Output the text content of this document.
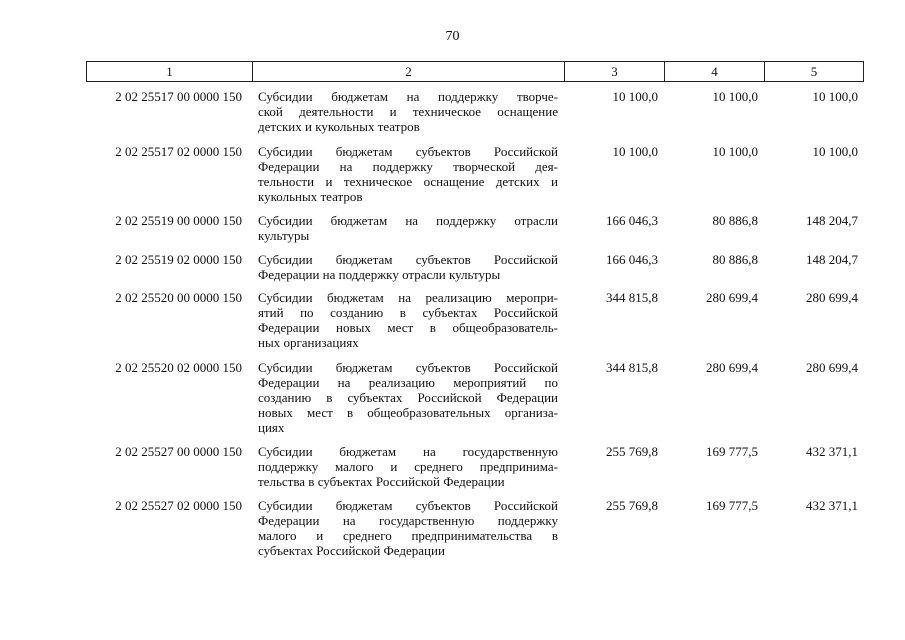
70
1	2	3	4	5
2 02 25517 00 0000 150	Субсидии бюджетам на поддержку творче-
ской деятельности и техническое оснащение
детских и кукольных театров
10 100,0	10 100,0	10 100,0
2 02 25517 02 0000 150	Субсидии бюджетам субъектов Российской
Федерации на поддержку творческой дея-
тельности и техническое оснащение детских и
кукольных театров
10 100,0	10 100,0	10 100,0
2 02 25519 00 0000 150	Субсидии бюджетам на поддержку отрасли
культуры
166 046,3	80 886,8	148 204,7
2 02 25519 02 0000 150	Субсидии бюджетам субъектов Российской
Федерации на поддержку отрасли культуры
166 046,3	80 886,8	148 204,7
2 02 25520 00 0000 150	Субсидии бюджетам на реализацию меропри-
ятий по созданию в субъектах Российской
Федерации новых мест в общеобразователь-
ных организациях
344 815,8	280 699,4	280 699,4
2 02 25520 02 0000 150	Субсидии бюджетам субъектов Российской
Федерации на реализацию мероприятий по
созданию в субъектах Российской Федерации
новых мест в общеобразовательных организа-
циях
344 815,8	280 699,4	280 699,4
2 02 25527 00 0000 150	Субсидии бюджетам на государственную
поддержку малого и среднего предпринима-
тельства в субъектах Российской Федерации
255 769,8	169 777,5	432 371,1
2 02 25527 02 0000 150	Субсидии бюджетам субъектов Российской
Федерации на государственную поддержку
малого и среднего предпринимательства в
субъектах Российской Федерации
255 769,8	169 777,5	432 371,1
